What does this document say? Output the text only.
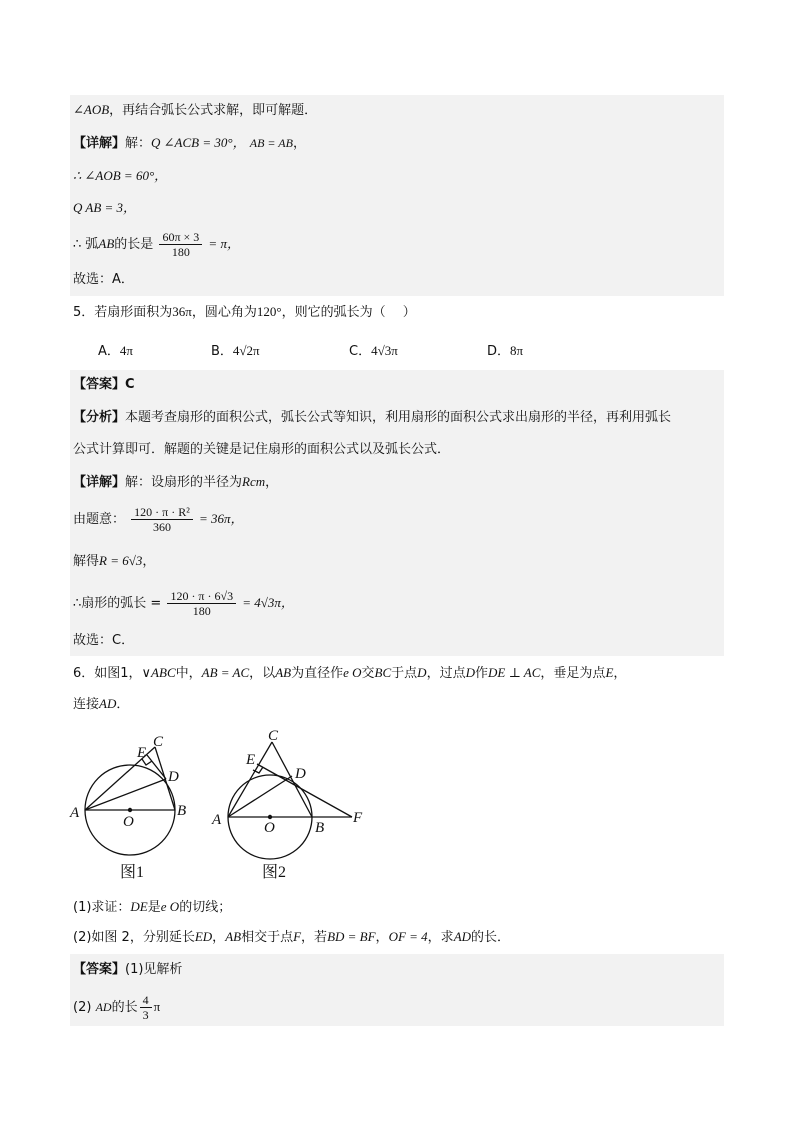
∠AOB，再结合弧长公式求解，即可解题．
【详解】解：Q ∠ACB = 30°， AB = AB，
∴ ∠AOB = 60°，
Q AB = 3，
∴ 弧AB的长是 $\frac{60\pi \times 3}{180} = \pi$，
故选：A．
5．若扇形面积为36π，圆心角为120°，则它的弧长为（　 ）
A．4π	B．4√2π	C．4√3π	D．8π
【答案】C
【分析】本题考查扇形的面积公式，弧长公式等知识，利用扇形的面积公式求出扇形的半径，再利用弧长
公式计算即可．解题的关键是记住扇形的面积公式以及弧长公式．
【详解】解：设扇形的半径为Rcm，
由题意： $\frac{\text{120 · π · R²}}{360} = 36\pi$，
解得R = 6√3，
∴扇形的弧长 = $\frac{120 \cdot \pi \cdot 6√3}{180} = 4√3\pi$，
故选：C．
6．如图1，∨ABC中，AB = AC，以AB为直径作e O交BC于点D，过点D作DE ⊥ AC，垂足为点E，
连接AD．
A	B
C
D
E
O
图1
A	B
C
D
E
F
O
图2
(1)求证：DE是e O的切线；
(2)如图 2，分别延长ED，AB相交于点F，若BD = BF，OF = 4，求AD的长．
【答案】(1)见解析
(2) AD的长 $\frac{4}{3}$ π
